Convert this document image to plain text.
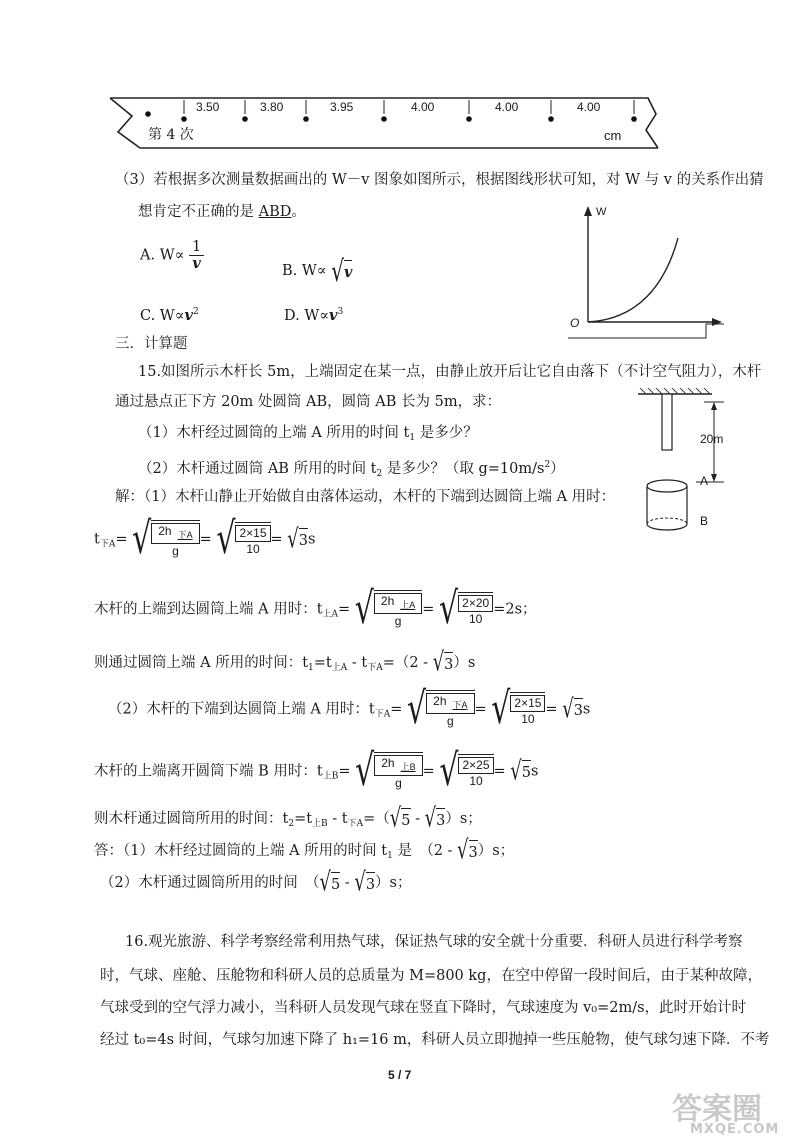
3.50	3.80	3.95	4.00	4.00	4.00
第 4 次	cm
（3）若根据多次测量数据画出的 W－v 图象如图所示，根据图线形状可知，对 W 与 v 的关系作出猜
想肯定不正确的是 ABD。
A. $W\propto \frac{1}{v}$	B. W∝ √ v
C. $W\propto v^2$	D. $W\propto v^3$
W
O
三．计算题
15.如图所示木杆长 5m，上端固定在某一点，由静止放开后让它自由落下（不计空气阻力），木杆
通过悬点正下方 20m 处圆筒 AB，圆筒 AB 长为 5m，求：
（1）木杆经过圆筒的上端 A 所用的时间 $t_1$ 是多少？
（2）木杆通过圆筒 AB 所用的时间 $t_2$ 是多少？（取 $g=10m/s^2$）
20m
A
B
解：（1）木杆山静止开始做自由落体运动，木杆的下端到达圆筒上端 A 用时：
$t_{下A}=$ √ $\frac{2h _{下A}}{g}$ = √ $\frac{2\times 15}{10}$ = √ 3 s
木杆的上端到达圆筒上端 A 用时：$t_{上A}=$ √ $\frac{2h _{上A}}{g}$ = √ $\frac{2\times 20}{10} =2s$；
则通过圆筒上端 A 所用的时间：$t_1=t_{上A} - t_{下A}=(2$ - √ 3 ）s
（2）木杆的下端到达圆筒上端 A 用时：$t_{下A}=$ √ $\frac{2h _{下A}}{g}$ = √ $\frac{2\times 15}{10}$ = √ 3 s
木杆的上端离开圆筒下端 B 用时：$t_{上B}=$ √ $\frac{2h _{上B}}{g}$ = √ $\frac{2\times 25}{10}$ = √ 5 s
则木杆通过圆筒所用的时间：$t_2=t_{上B} - t_{下A}=$（ √ 5 - √ 3 ）s；
答：（1）木杆经过圆筒的上端 A 所用的时间 $t_1$ 是　（2 - √ 3 ）s；
（2）木杆通过圆筒所用的时间　（ √ 5 - √ 3 ）s；
16.观光旅游、科学考察经常利用热气球，保证热气球的安全就十分重要．科研人员进行科学考察
时，气球、座舱、压舱物和科研人员的总质量为 M=800 kg，在空中停留一段时间后，由于某种故障，
气球受到的空气浮力减小，当科研人员发现气球在竖直下降时，气球速度为 v₀=2m/s，此时开始计时
经过 t₀=4s 时间，气球匀加速下降了 h₁=16 m，科研人员立即抛掉一些压舱物，使气球匀速下降．不考
5 / 7
答案圈
MXQE.COM
